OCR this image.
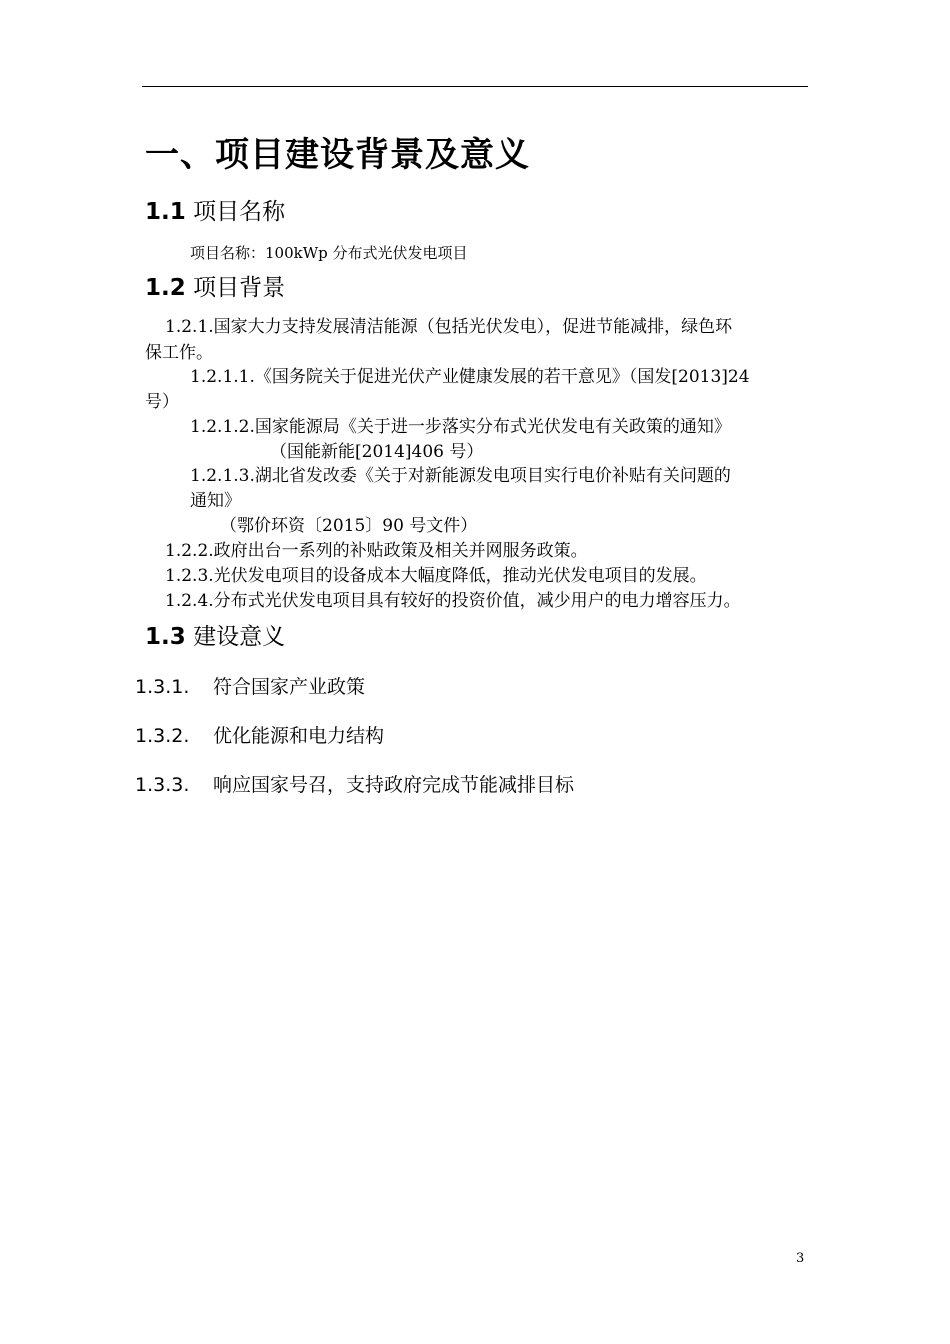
一、项目建设背景及意义
1.1 项目名称
项目名称：100kWp 分布式光伏发电项目
1.2 项目背景
1.2.1.国家大力支持发展清洁能源（包括光伏发电），促进节能减排，绿色环
保工作。
1.2.1.1.《国务院关于促进光伏产业健康发展的若干意见》（国发[2013]24
号）
1.2.1.2.国家能源局《关于进一步落实分布式光伏发电有关政策的通知》
（国能新能[2014]406 号）
1.2.1.3.湖北省发改委《关于对新能源发电项目实行电价补贴有关问题的
通知》
（鄂价环资〔2015〕90 号文件）
1.2.2.政府出台一系列的补贴政策及相关并网服务政策。
1.2.3.光伏发电项目的设备成本大幅度降低，推动光伏发电项目的发展。
1.2.4.分布式光伏发电项目具有较好的投资价值，减少用户的电力增容压力。
1.3 建设意义
1.3.1. 符合国家产业政策
1.3.2. 优化能源和电力结构
1.3.3. 响应国家号召，支持政府完成节能减排目标
3
